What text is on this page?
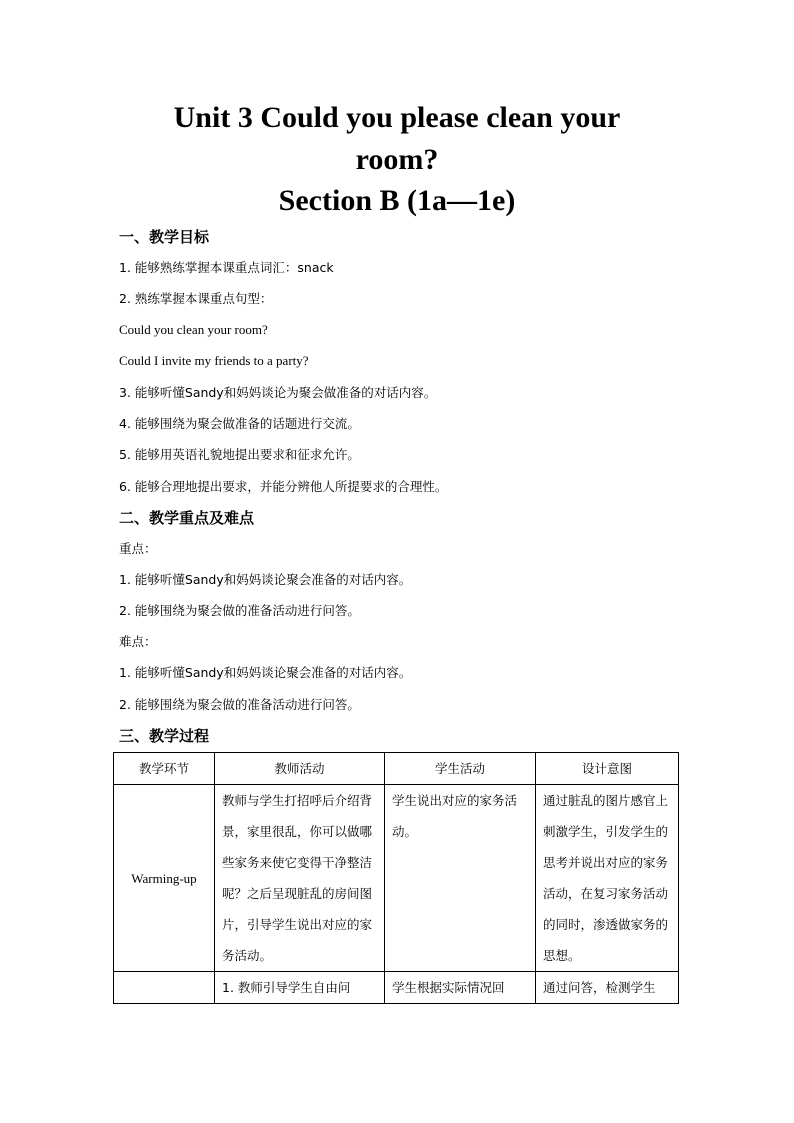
Unit 3 Could you please clean your
room?
Section B (1a—1e)
一、教学目标

1. 能够熟练掌握本课重点词汇：snack

2. 熟练掌握本课重点句型：

Could you clean your room?

Could I invite my friends to a party?

3. 能够听懂Sandy和妈妈谈论为聚会做准备的对话内容。

4. 能够围绕为聚会做准备的话题进行交流。

5. 能够用英语礼貌地提出要求和征求允许。

6. 能够合理地提出要求，并能分辨他人所提要求的合理性。

二、教学重点及难点

重点：

1. 能够听懂Sandy和妈妈谈论聚会准备的对话内容。

2. 能够围绕为聚会做的准备活动进行问答。

难点：

1. 能够听懂Sandy和妈妈谈论聚会准备的对话内容。

2. 能够围绕为聚会做的准备活动进行问答。

三、教学过程
教学环节	教师活动	学生活动	设计意图
Warming-up	教师与学生打招呼后介绍背景，家里很乱，你可以做哪些家务来使它变得干净整洁呢？之后呈现脏乱的房间图片，引导学生说出对应的家务活动。	学生说出对应的家务活动。	通过脏乱的图片感官上刺激学生，引发学生的思考并说出对应的家务活动，在复习家务活动的同时，渗透做家务的思想。

	1. 教师引导学生自由问	学生根据实际情况回	通过问答，检测学生
